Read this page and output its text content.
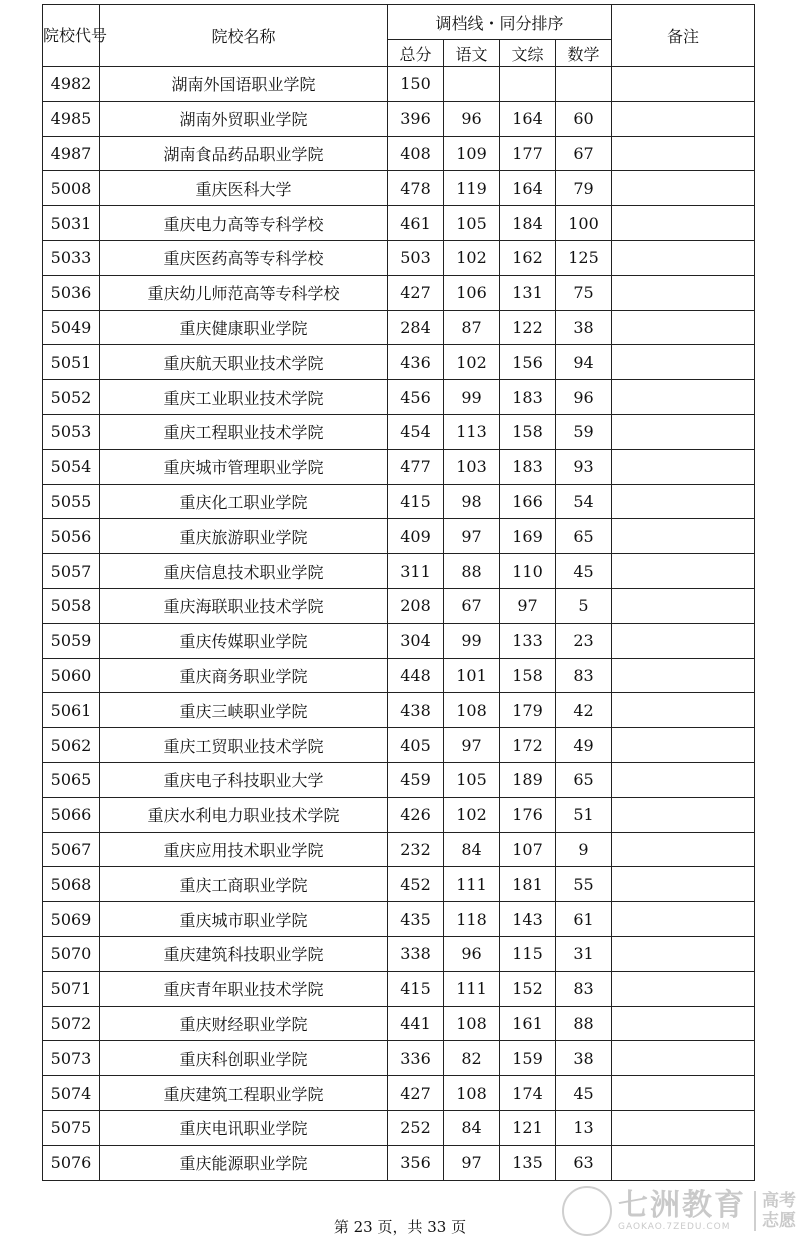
院校代号	院校名称	调档线・同分排序				备注
		总分	语文	文综	数学	
4982	湖南外国语职业学院	150				
4985	湖南外贸职业学院	396	96	164	60	
4987	湖南食品药品职业学院	408	109	177	67	
5008	重庆医科大学	478	119	164	79	
5031	重庆电力高等专科学校	461	105	184	100	
5033	重庆医药高等专科学校	503	102	162	125	
5036	重庆幼儿师范高等专科学校	427	106	131	75	
5049	重庆健康职业学院	284	87	122	38	
5051	重庆航天职业技术学院	436	102	156	94	
5052	重庆工业职业技术学院	456	99	183	96	
5053	重庆工程职业技术学院	454	113	158	59	
5054	重庆城市管理职业学院	477	103	183	93	
5055	重庆化工职业学院	415	98	166	54	
5056	重庆旅游职业学院	409	97	169	65	
5057	重庆信息技术职业学院	311	88	110	45	
5058	重庆海联职业技术学院	208	67	97	5	
5059	重庆传媒职业学院	304	99	133	23	
5060	重庆商务职业学院	448	101	158	83	
5061	重庆三峡职业学院	438	108	179	42	
5062	重庆工贸职业技术学院	405	97	172	49	
5065	重庆电子科技职业大学	459	105	189	65	
5066	重庆水利电力职业技术学院	426	102	176	51	
5067	重庆应用技术职业学院	232	84	107	9	
5068	重庆工商职业学院	452	111	181	55	
5069	重庆城市职业学院	435	118	143	61	
5070	重庆建筑科技职业学院	338	96	115	31	
5071	重庆青年职业技术学院	415	111	152	83	
5072	重庆财经职业学院	441	108	161	88	
5073	重庆科创职业学院	336	82	159	38	
5074	重庆建筑工程职业学院	427	108	174	45	
5075	重庆电讯职业学院	252	84	121	13	
5076	重庆能源职业学院	356	97	135	63	
第 23 页，共 33 页
七洲教育
GAOKAO.7ZEDU.COM
高考
志愿
